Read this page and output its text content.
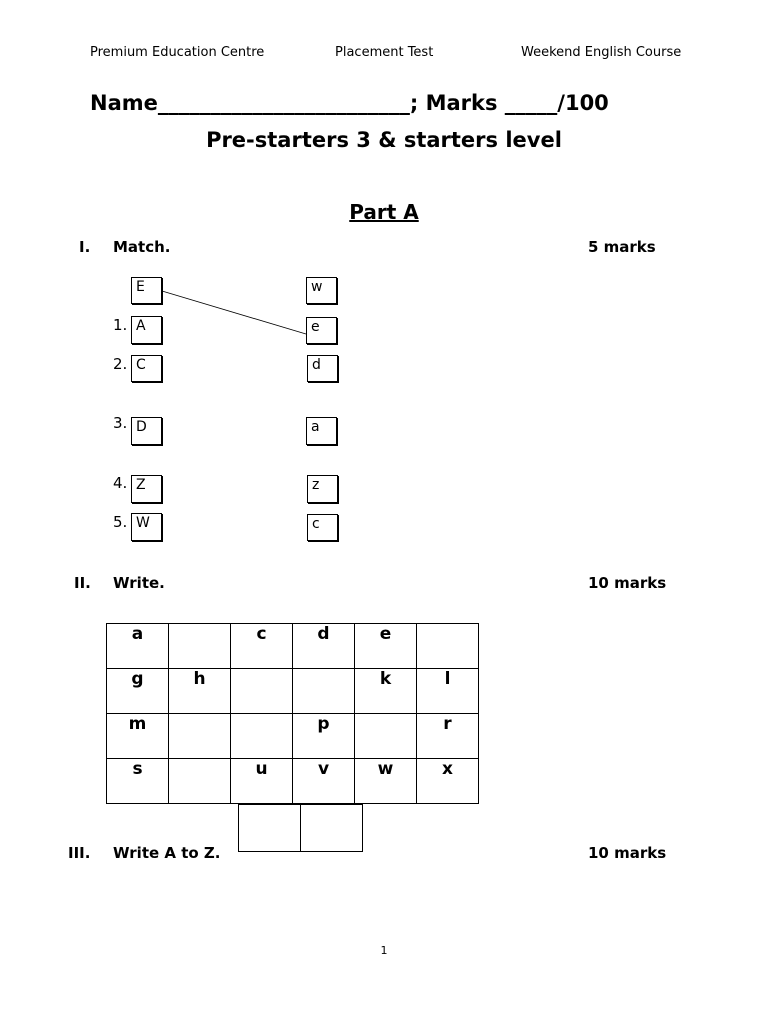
Premium Education Centre	Placement Test	Weekend English Course
Name________________________; Marks _____/100
Pre-starters 3 & starters level
Part A
I. Match.	5 marks
E	w
1. A	e
2. C	d
3. D	a
4. Z	z
5. W	c
II. Write.	10 marks
a		c	d	e	
g	h			k	l
m			p		r
s		u	v	w	x
III. Write A to Z.	10 marks
1
